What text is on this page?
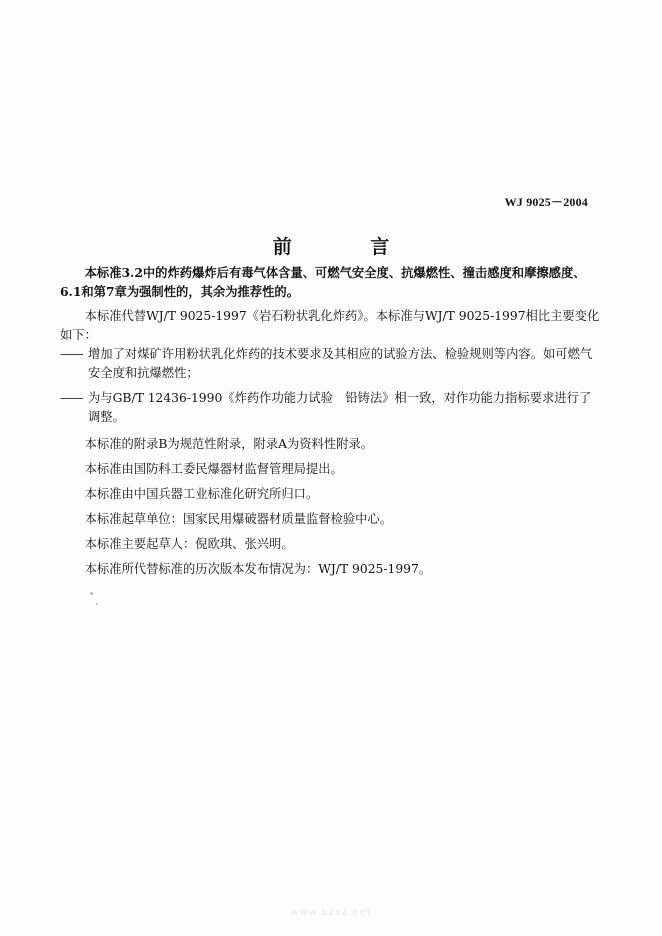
WJ 9025－2004
前 言

本标准3.2中的炸药爆炸后有毒气体含量、可燃气安全度、抗爆燃性、撞击感度和摩擦感度、6.1和第7章为强制性的，其余为推荐性的。

本标准代替WJ/T 9025-1997《岩石粉状乳化炸药》。本标准与WJ/T 9025-1997相比主要变化如下：

—— 增加了对煤矿许用粉状乳化炸药的技术要求及其相应的试验方法、检验规则等内容。如可燃气安全度和抗爆燃性；
—— 为与GB/T 12436-1990《炸药作功能力试验　铅铸法》相一致，对作功能力指标要求进行了调整。

本标准的附录B为规范性附录，附录A为资料性附录。

本标准由国防科工委民爆器材监督管理局提出。

本标准由中国兵器工业标准化研究所归口。

本标准起草单位：国家民用爆破器材质量监督检验中心。

本标准主要起草人：倪欧琪、张兴明。

本标准所代替标准的历次版本发布情况为：WJ/T 9025-1997。

www.bzxz.net
